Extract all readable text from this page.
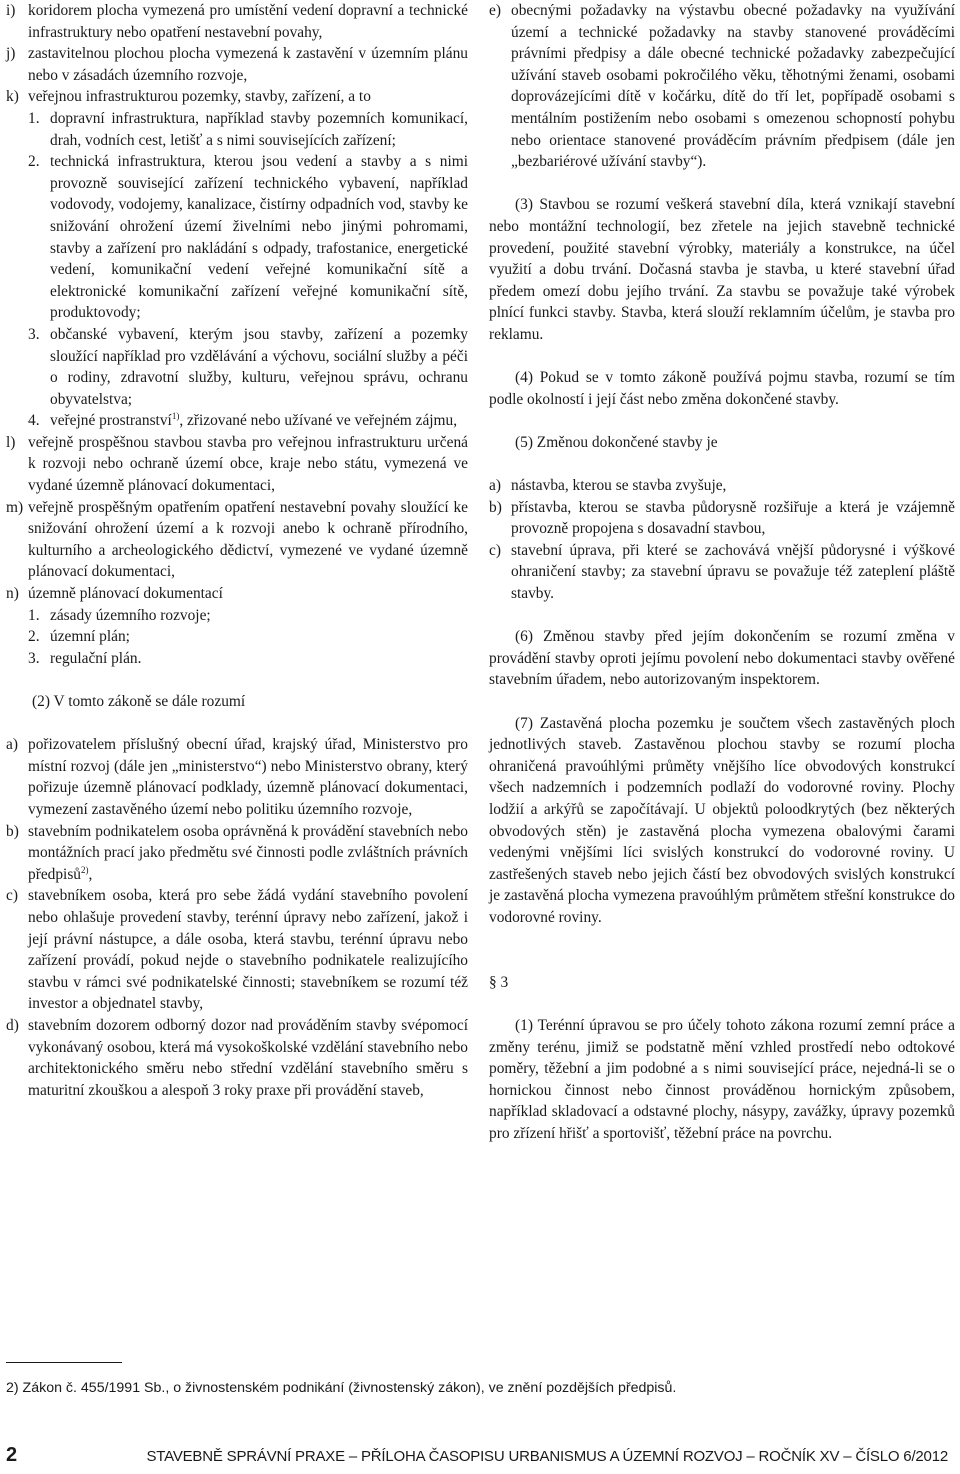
i) koridorem plocha vymezená pro umístění vedení dopravní a technické infrastruktury nebo opatření nestavební povahy,
j) zastavitelnou plochou plocha vymezená k zastavění v územním plánu nebo v zásadách územního rozvoje,
k) veřejnou infrastrukturou pozemky, stavby, zařízení, a to
1. dopravní infrastruktura, například stavby pozemních komunikací, drah, vodních cest, letišť a s nimi souvisejících zařízení;
2. technická infrastruktura, kterou jsou vedení a stavby a s nimi provozně související zařízení technického vybavení, například vodovody, vodojemy, kanalizace, čistírny odpadních vod, stavby ke snižování ohrožení území živelními nebo jinými pohromami, stavby a zařízení pro nakládání s odpady, trafostanice, energetické vedení, komunikační vedení veřejné komunikační sítě a elektronické komunikační zařízení veřejné komunikační sítě, produktovody;
3. občanské vybavení, kterým jsou stavby, zařízení a pozemky sloužící například pro vzdělávání a výchovu, sociální služby a péči o rodiny, zdravotní služby, kulturu, veřejnou správu, ochranu obyvatelstva;
4. veřejné prostranství$^{1)}$, zřizované nebo užívané ve veřejném zájmu,
l) veřejně prospěšnou stavbou stavba pro veřejnou infrastrukturu určená k rozvoji nebo ochraně území obce, kraje nebo státu, vymezená ve vydané územně plánovací dokumentaci,
m) veřejně prospěšným opatřením opatření nestavební povahy sloužící ke snižování ohrožení území a k rozvoji anebo k ochraně přírodního, kulturního a archeologického dědictví, vymezené ve vydané územně plánovací dokumentaci,
n) územně plánovací dokumentací
1. zásady územního rozvoje;
2. územní plán;
3. regulační plán.

(2) V tomto zákoně se dále rozumí

a) pořizovatelem příslušný obecní úřad, krajský úřad, Ministerstvo pro místní rozvoj (dále jen „ministerstvo“) nebo Ministerstvo obrany, který pořizuje územně plánovací podklady, územně plánovací dokumentaci, vymezení zastavěného území nebo politiku územního rozvoje,
b) stavebním podnikatelem osoba oprávněná k provádění stavebních nebo montážních prací jako předmětu své činnosti podle zvláštních právních předpisů$^{2)}$,
c) stavebníkem osoba, která pro sebe žádá vydání stavebního povolení nebo ohlašuje provedení stavby, terénní úpravy nebo zařízení, jakož i její právní nástupce, a dále osoba, která stavbu, terénní úpravu nebo zařízení provádí, pokud nejde o stavebního podnikatele realizujícího stavbu v rámci své podnikatelské činnosti; stavebníkem se rozumí též investor a objednatel stavby,
d) stavebním dozorem odborný dozor nad prováděním stavby svépomocí vykonávaný osobou, která má vysokoškolské vzdělání stavebního nebo architektonického směru nebo střední vzdělání stavebního směru s maturitní zkouškou a alespoň 3 roky praxe při provádění staveb,
e) obecnými požadavky na výstavbu obecné požadavky na využívání území a technické požadavky na stavby stanovené prováděcími právními předpisy a dále obecné technické požadavky zabezpečující užívání staveb osobami pokročilého věku, těhotnými ženami, osobami doprovázejícími dítě v kočárku, dítě do tří let, popřípadě osobami s mentálním postižením nebo osobami s omezenou schopností pohybu nebo orientace stanovené prováděcím právním předpisem (dále jen „bezbariérové užívání stavby“).

(3) Stavbou se rozumí veškerá stavební díla, která vznikají stavební nebo montážní technologií, bez zřetele na jejich stavebně technické provedení, použité stavební výrobky, materiály a konstrukce, na účel využití a dobu trvání. Dočasná stavba je stavba, u které stavební úřad předem omezí dobu jejího trvání. Za stavbu se považuje také výrobek plnící funkci stavby. Stavba, která slouží reklamním účelům, je stavba pro reklamu.

(4) Pokud se v tomto zákoně používá pojmu stavba, rozumí se tím podle okolností i její část nebo změna dokončené stavby.

(5) Změnou dokončené stavby je

a) nástavba, kterou se stavba zvyšuje,
b) přístavba, kterou se stavba půdorysně rozšiřuje a která je vzájemně provozně propojena s dosavadní stavbou,
c) stavební úprava, při které se zachovává vnější půdorysné i výškové ohraničení stavby; za stavební úpravu se považuje též zateplení pláště stavby.

(6) Změnou stavby před jejím dokončením se rozumí změna v provádění stavby oproti jejímu povolení nebo dokumentaci stavby ověřené stavebním úřadem, nebo autorizovaným inspektorem.

(7) Zastavěná plocha pozemku je součtem všech zastavěných ploch jednotlivých staveb. Zastavěnou plochou stavby se rozumí plocha ohraničená pravoúhlými průměty vnějšího líce obvodových konstrukcí všech nadzemních i podzemních podlaží do vodorovné roviny. Plochy lodžií a arkýřů se započítávají. U objektů poloodkrytých (bez některých obvodových stěn) je zastavěná plocha vymezena obalovými čarami vedenými vnějšími líci svislých konstrukcí do vodorovné roviny. U zastřešených staveb nebo jejich částí bez obvodových svislých konstrukcí je zastavěná plocha vymezena pravoúhlým průmětem střešní konstrukce do vodorovné roviny.

§ 3

(1) Terénní úpravou se pro účely tohoto zákona rozumí zemní práce a změny terénu, jimiž se podstatně mění vzhled prostředí nebo odtokové poměry, těžební a jim podobné a s nimi související práce, nejedná-li se o hornickou činnost nebo činnost prováděnou hornickým způsobem, například skladovací a odstavné plochy, násypy, zavážky, úpravy pozemků pro zřízení hřišť a sportovišť, těžební práce na povrchu.

2) Zákon č. 455/1991 Sb., o živnostenském podnikání (živnostenský zákon), ve znění pozdějších předpisů.
2	STAVEBNĚ SPRÁVNÍ PRAXE – PŘÍLOHA ČASOPISU URBANISMUS A ÚZEMNÍ ROZVOJ – ROČNÍK XV – ČÍSLO 6/2012
